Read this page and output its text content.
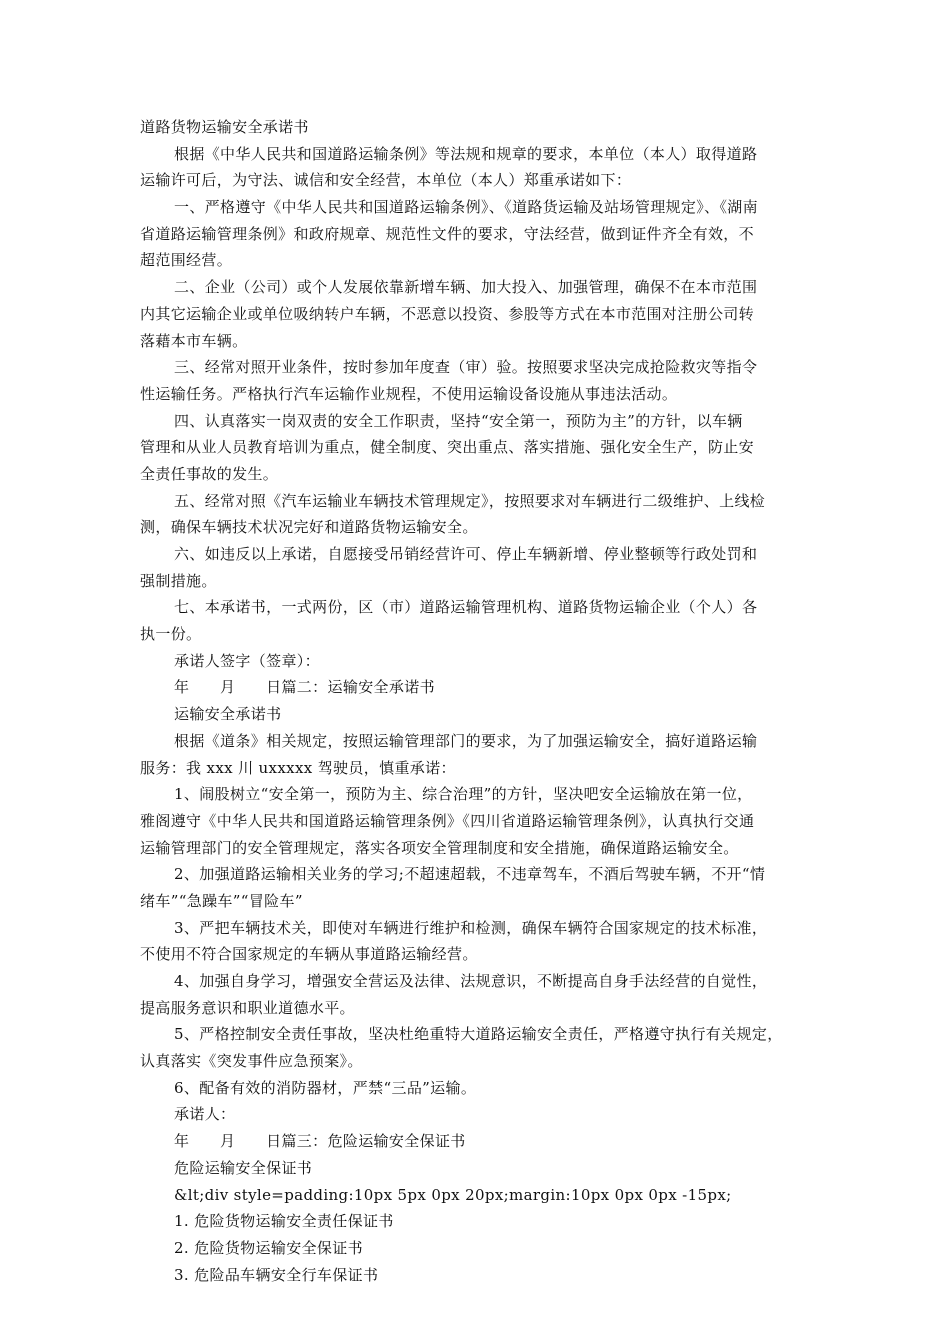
道路货物运输安全承诺书
根据《中华人民共和国道路运输条例》等法规和规章的要求，本单位（本人）取得道路
运输许可后，为守法、诚信和安全经营，本单位（本人）郑重承诺如下：
一、严格遵守《中华人民共和国道路运输条例》、《道路货运输及站场管理规定》、《湖南
省道路运输管理条例》和政府规章、规范性文件的要求，守法经营，做到证件齐全有效，不
超范围经营。
二、企业（公司）或个人发展依靠新增车辆、加大投入、加强管理，确保不在本市范围
内其它运输企业或单位吸纳转户车辆，不恶意以投资、参股等方式在本市范围对注册公司转
落藉本市车辆。
三、经常对照开业条件，按时参加年度查（审）验。按照要求坚决完成抢险救灾等指令
性运输任务。严格执行汽车运输作业规程，不使用运输设备设施从事违法活动。
四、认真落实一岗双责的安全工作职责，坚持“安全第一，预防为主”的方针，以车辆
管理和从业人员教育培训为重点，健全制度、突出重点、落实措施、强化安全生产，防止安
全责任事故的发生。
五、经常对照《汽车运输业车辆技术管理规定》，按照要求对车辆进行二级维护、上线检
测，确保车辆技术状况完好和道路货物运输安全。
六、如违反以上承诺，自愿接受吊销经营许可、停止车辆新增、停业整顿等行政处罚和
强制措施。
七、本承诺书，一式两份，区（市）道路运输管理机构、道路货物运输企业（个人）各
执一份。
承诺人签字（签章）：
年　　月　　日篇二：运输安全承诺书
运输安全承诺书
根据《道条》相关规定，按照运输管理部门的要求，为了加强运输安全，搞好道路运输
服务：我 xxx 川 uxxxxx 驾驶员，慎重承诺：
1、闹股树立“安全第一，预防为主、综合治理”的方针，坚决吧安全运输放在第一位，
雅阁遵守《中华人民共和国道路运输管理条例》《四川省道路运输管理条例》，认真执行交通
运输管理部门的安全管理规定，落实各项安全管理制度和安全措施，确保道路运输安全。
2、加强道路运输相关业务的学习;不超速超载，不违章驾车，不酒后驾驶车辆，不开“情
绪车”“急躁车”“冒险车”
3、严把车辆技术关，即使对车辆进行维护和检测，确保车辆符合国家规定的技术标准，
不使用不符合国家规定的车辆从事道路运输经营。
4、加强自身学习，增强安全营运及法律、法规意识，不断提高自身手法经营的自觉性，
提高服务意识和职业道德水平。
5、严格控制安全责任事故，坚决杜绝重特大道路运输安全责任，严格遵守执行有关规定，
认真落实《突发事件应急预案》。
6、配备有效的消防器材，严禁“三品”运输。
承诺人：
年　　月　　日篇三：危险运输安全保证书
危险运输安全保证书
&lt;div style=padding:10px 5px 0px 20px;margin:10px 0px 0px -15px;
1. 危险货物运输安全责任保证书
2. 危险货物运输安全保证书
3. 危险品车辆安全行车保证书
